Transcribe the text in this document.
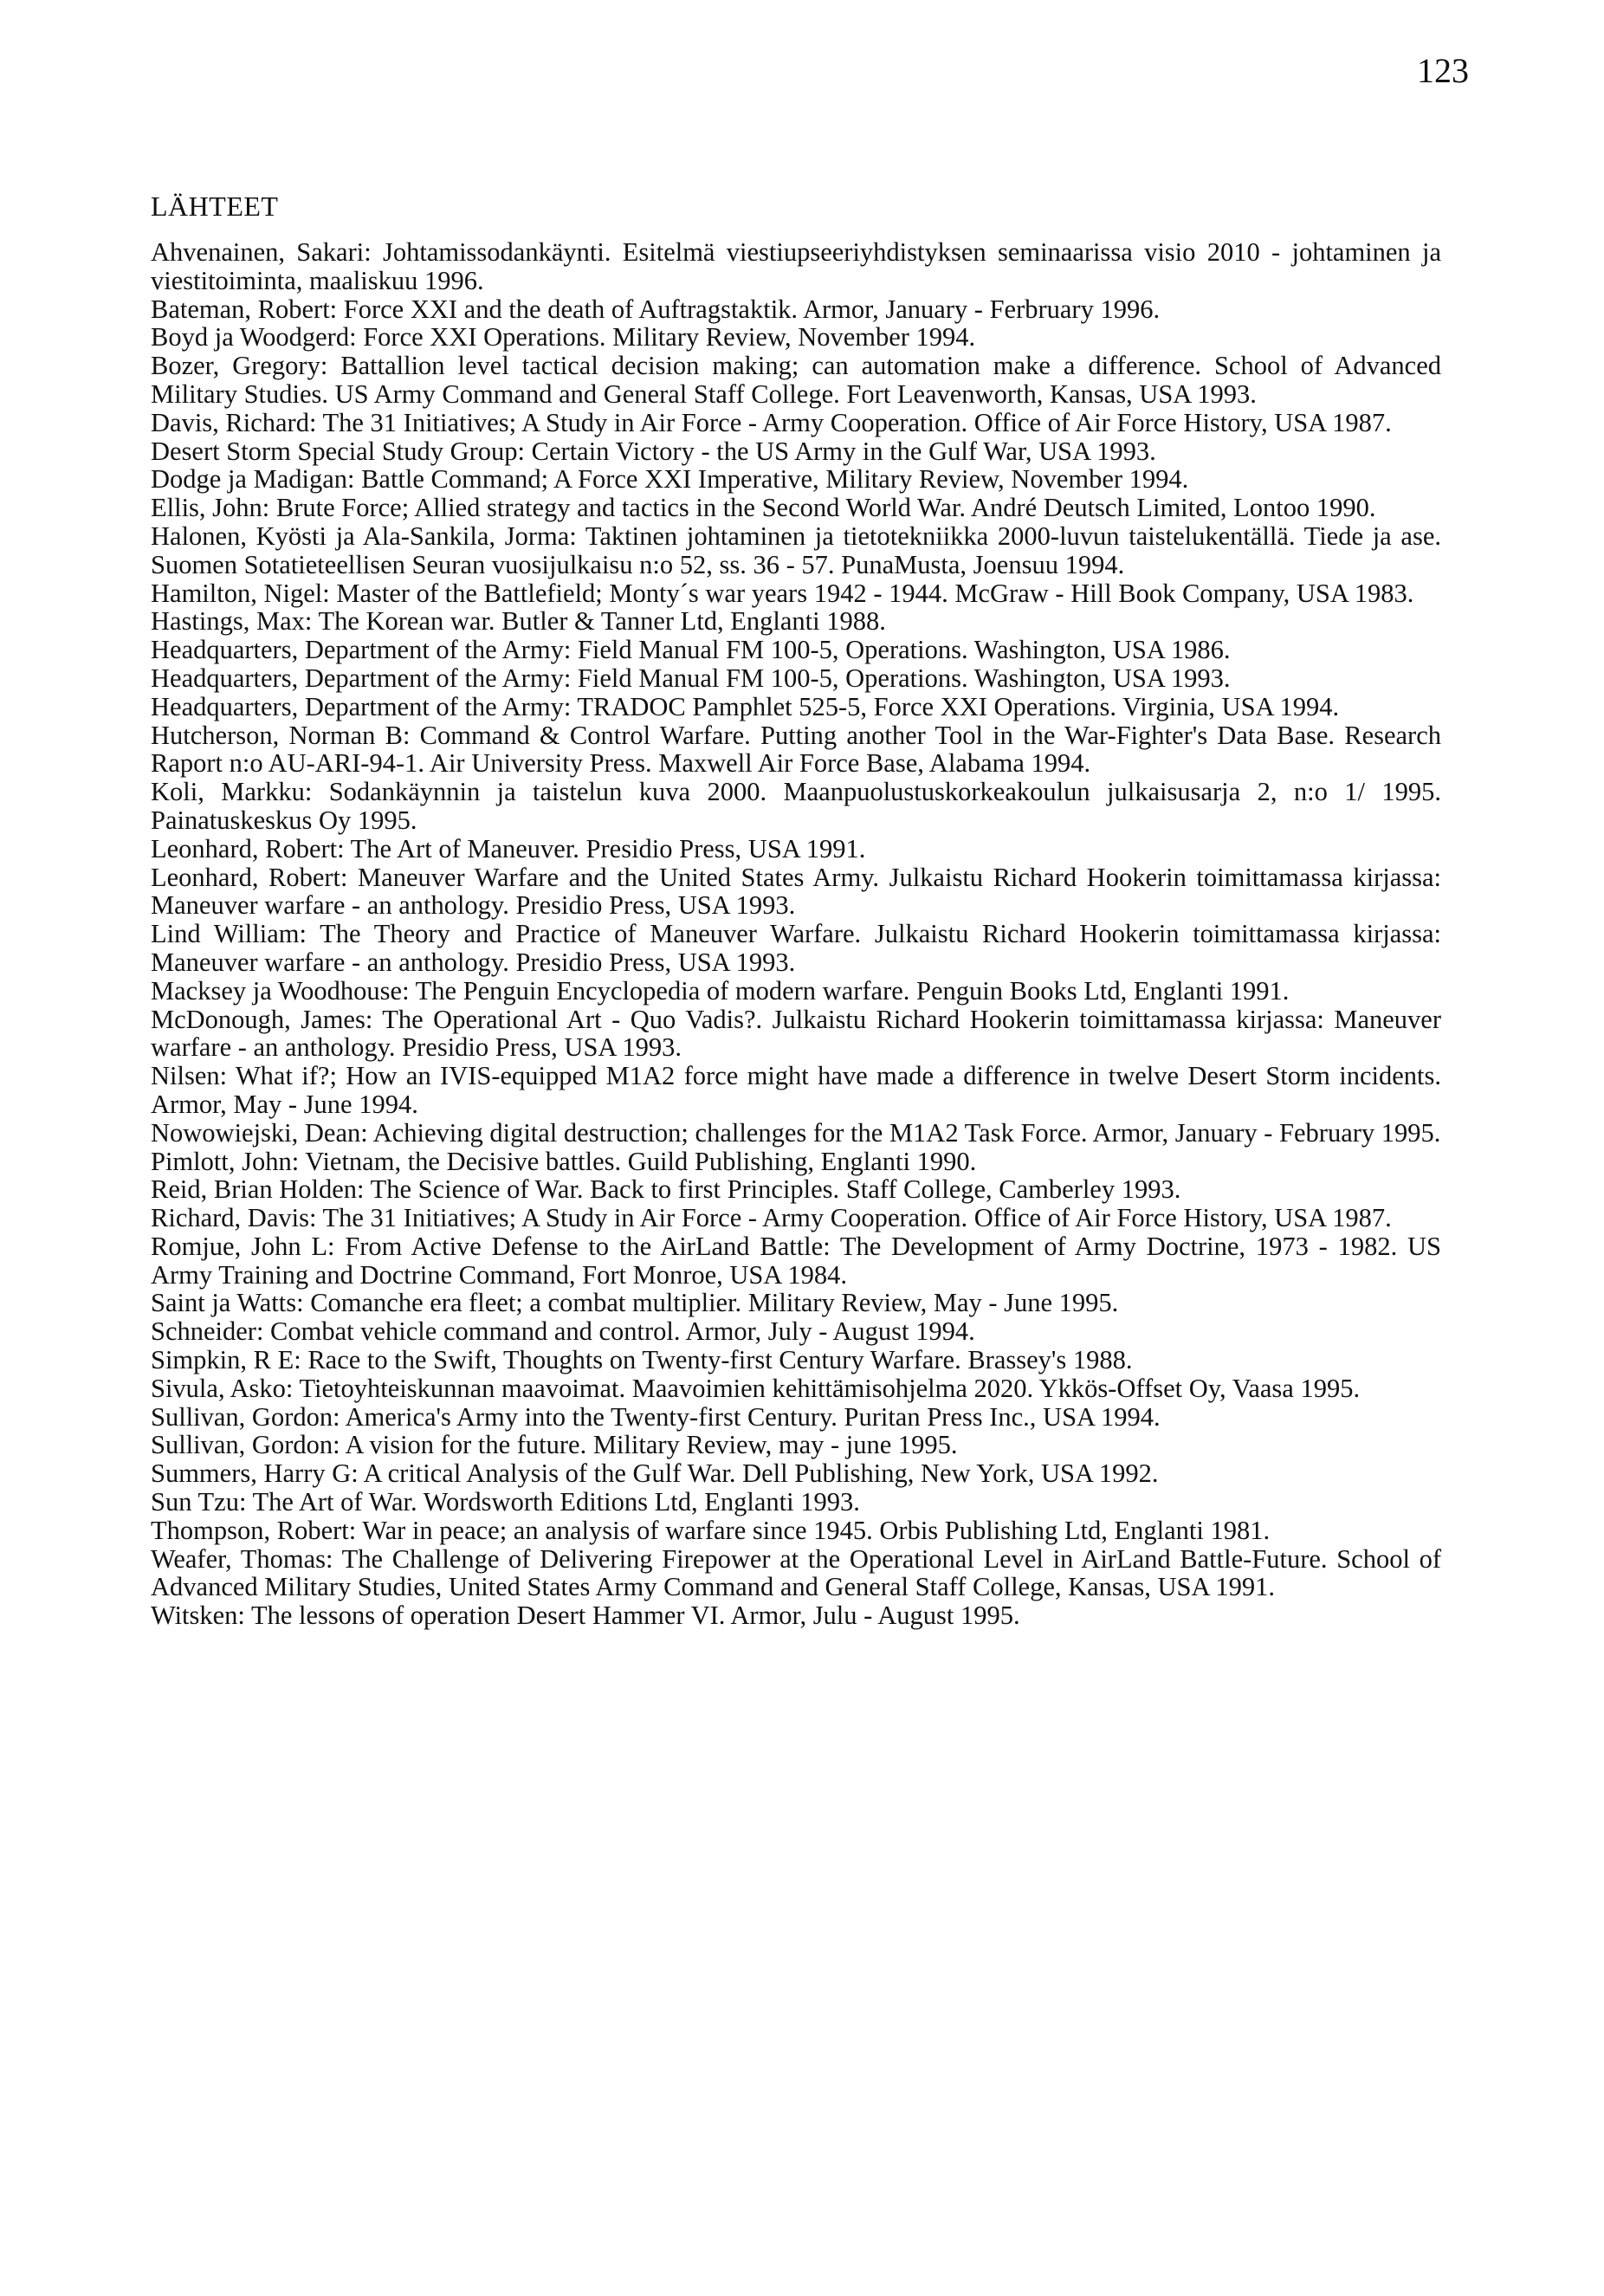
123
LÄHTEET
Ahvenainen, Sakari: Johtamissodankäynti. Esitelmä viestiupseeriyhdistyksen seminaarissa visio 2010 - johtaminen ja viestitoiminta, maaliskuu 1996.
Bateman, Robert: Force XXI and the death of Auftragstaktik. Armor, January - Ferbruary 1996.
Boyd ja Woodgerd: Force XXI Operations. Military Review, November 1994.
Bozer, Gregory: Battallion level tactical decision making; can automation make a difference. School of Advanced Military Studies. US Army Command and General Staff College. Fort Leavenworth, Kansas, USA 1993.
Davis, Richard: The 31 Initiatives; A Study in Air Force - Army Cooperation. Office of Air Force History, USA 1987.
Desert Storm Special Study Group: Certain Victory - the US Army in the Gulf War, USA 1993.
Dodge ja Madigan: Battle Command; A Force XXI Imperative, Military Review, November 1994.
Ellis, John: Brute Force; Allied strategy and tactics in the Second World War. André Deutsch Limited, Lontoo 1990.
Halonen, Kyösti ja Ala-Sankila, Jorma: Taktinen johtaminen ja tietotekniikka 2000-luvun taistelukentällä. Tiede ja ase. Suomen Sotatieteellisen Seuran vuosijulkaisu n:o 52, ss. 36 - 57. PunaMusta, Joensuu 1994.
Hamilton, Nigel: Master of the Battlefield; Monty´s war years 1942 - 1944. McGraw - Hill Book Company, USA 1983.
Hastings, Max: The Korean war. Butler & Tanner Ltd, Englanti 1988.
Headquarters, Department of the Army: Field Manual FM 100-5, Operations. Washington, USA 1986.
Headquarters, Department of the Army: Field Manual FM 100-5, Operations. Washington, USA 1993.
Headquarters, Department of the Army: TRADOC Pamphlet 525-5, Force XXI Operations. Virginia, USA 1994.
Hutcherson, Norman B: Command & Control Warfare. Putting another Tool in the War-Fighter's Data Base. Research Raport n:o AU-ARI-94-1. Air University Press. Maxwell Air Force Base, Alabama 1994.
Koli, Markku: Sodankäynnin ja taistelun kuva 2000. Maanpuolustuskorkeakoulun julkaisusarja 2, n:o 1/ 1995. Painatuskeskus Oy 1995.
Leonhard, Robert: The Art of Maneuver. Presidio Press, USA 1991.
Leonhard, Robert: Maneuver Warfare and the United States Army. Julkaistu Richard Hookerin toimittamassa kirjassa: Maneuver warfare - an anthology. Presidio Press, USA 1993.
Lind William: The Theory and Practice of Maneuver Warfare. Julkaistu Richard Hookerin toimittamassa kirjassa: Maneuver warfare - an anthology. Presidio Press, USA 1993.
Macksey ja Woodhouse: The Penguin Encyclopedia of modern warfare. Penguin Books Ltd, Englanti 1991.
McDonough, James: The Operational Art - Quo Vadis?. Julkaistu Richard Hookerin toimittamassa kirjassa: Maneuver warfare - an anthology. Presidio Press, USA 1993.
Nilsen: What if?; How an IVIS-equipped M1A2 force might have made a difference in twelve Desert Storm incidents. Armor, May - June 1994.
Nowowiejski, Dean: Achieving digital destruction; challenges for the M1A2 Task Force. Armor, January - February 1995.
Pimlott, John: Vietnam, the Decisive battles. Guild Publishing, Englanti 1990.
Reid, Brian Holden: The Science of War. Back to first Principles. Staff College, Camberley 1993.
Richard, Davis: The 31 Initiatives; A Study in Air Force - Army Cooperation. Office of Air Force History, USA 1987.
Romjue, John L: From Active Defense to the AirLand Battle: The Development of Army Doctrine, 1973 - 1982. US Army Training and Doctrine Command, Fort Monroe, USA 1984.
Saint ja Watts: Comanche era fleet; a combat multiplier. Military Review, May - June 1995.
Schneider: Combat vehicle command and control. Armor, July - August 1994.
Simpkin, R E: Race to the Swift, Thoughts on Twenty-first Century Warfare. Brassey's 1988.
Sivula, Asko: Tietoyhteiskunnan maavoimat. Maavoimien kehittämisohjelma 2020. Ykkös-Offset Oy, Vaasa 1995.
Sullivan, Gordon: America's Army into the Twenty-first Century. Puritan Press Inc., USA 1994.
Sullivan, Gordon: A vision for the future. Military Review, may - june 1995.
Summers, Harry G: A critical Analysis of the Gulf War. Dell Publishing, New York, USA 1992.
Sun Tzu: The Art of War. Wordsworth Editions Ltd, Englanti 1993.
Thompson, Robert: War in peace; an analysis of warfare since 1945. Orbis Publishing Ltd, Englanti 1981.
Weafer, Thomas: The Challenge of Delivering Firepower at the Operational Level in AirLand Battle-Future. School of Advanced Military Studies, United States Army Command and General Staff College, Kansas, USA 1991.
Witsken: The lessons of operation Desert Hammer VI. Armor, Julu - August 1995.
